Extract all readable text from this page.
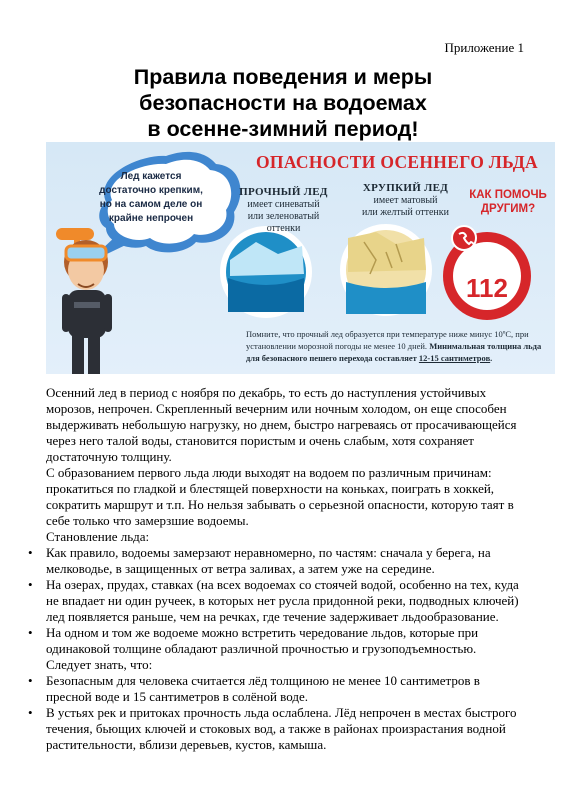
Приложение 1
Правила поведения и меры
безопасности на водоемах
в осенне-зимний период!
ОПАСНОСТИ ОСЕННЕГО ЛЬДА
ПРОЧНЫЙ ЛЕД
имеет синеватый
или зеленоватый оттенки
ХРУПКИЙ ЛЕД
имеет матовый
или желтый оттенки
КАК ПОМОЧЬ ДРУГИМ?
Помните, что прочный лед образуется при температуре ниже минус 10ºС, при установлении морозной погоды не менее 10 дней. Минимальная толщина льда для безопасного пешего перехода составляет 12-15 сантиметров.
Лед кажется достаточно крепким, но на самом деле он крайне непрочен
112

Осенний лед в период с ноября по декабрь, то есть до наступления устойчивых морозов, непрочен. Скрепленный вечерним или ночным холодом, он еще способен выдерживать небольшую нагрузку, но днем, быстро нагреваясь от просачивающейся через него талой воды, становится пористым и очень слабым, хотя сохраняет достаточную толщину.

С образованием первого льда люди выходят на водоем по различным причинам: прокатиться по гладкой и блестящей поверхности на коньках, поиграть в хоккей, сократить маршрут и т.п. Но нельзя забывать о серьезной опасности, которую таят в себе только что замерзшие водоемы.

Становление льда:

• Как правило, водоемы замерзают неравномерно, по частям: сначала у берега, на мелководье, в защищенных от ветра заливах, а затем уже на середине.

• На озерах, прудах, ставках (на всех водоемах со стоячей водой, особенно на тех, куда не впадает ни один ручеек, в которых нет русла придонной реки, подводных ключей) лед появляется раньше, чем на речках, где течение задерживает льдообразование.

• На одном и том же водоеме можно встретить чередование льдов, которые при одинаковой толщине обладают различной прочностью и грузоподъемностью.

Следует знать, что:

• Безопасным для человека считается лёд толщиною не менее 10 сантиметров в пресной воде и 15 сантиметров в солёной воде.

• В устьях рек и притоках прочность льда ослаблена. Лёд непрочен в местах быстрого течения, бьющих ключей и стоковых вод, а также в районах произрастания водной растительности, вблизи деревьев, кустов, камыша.
